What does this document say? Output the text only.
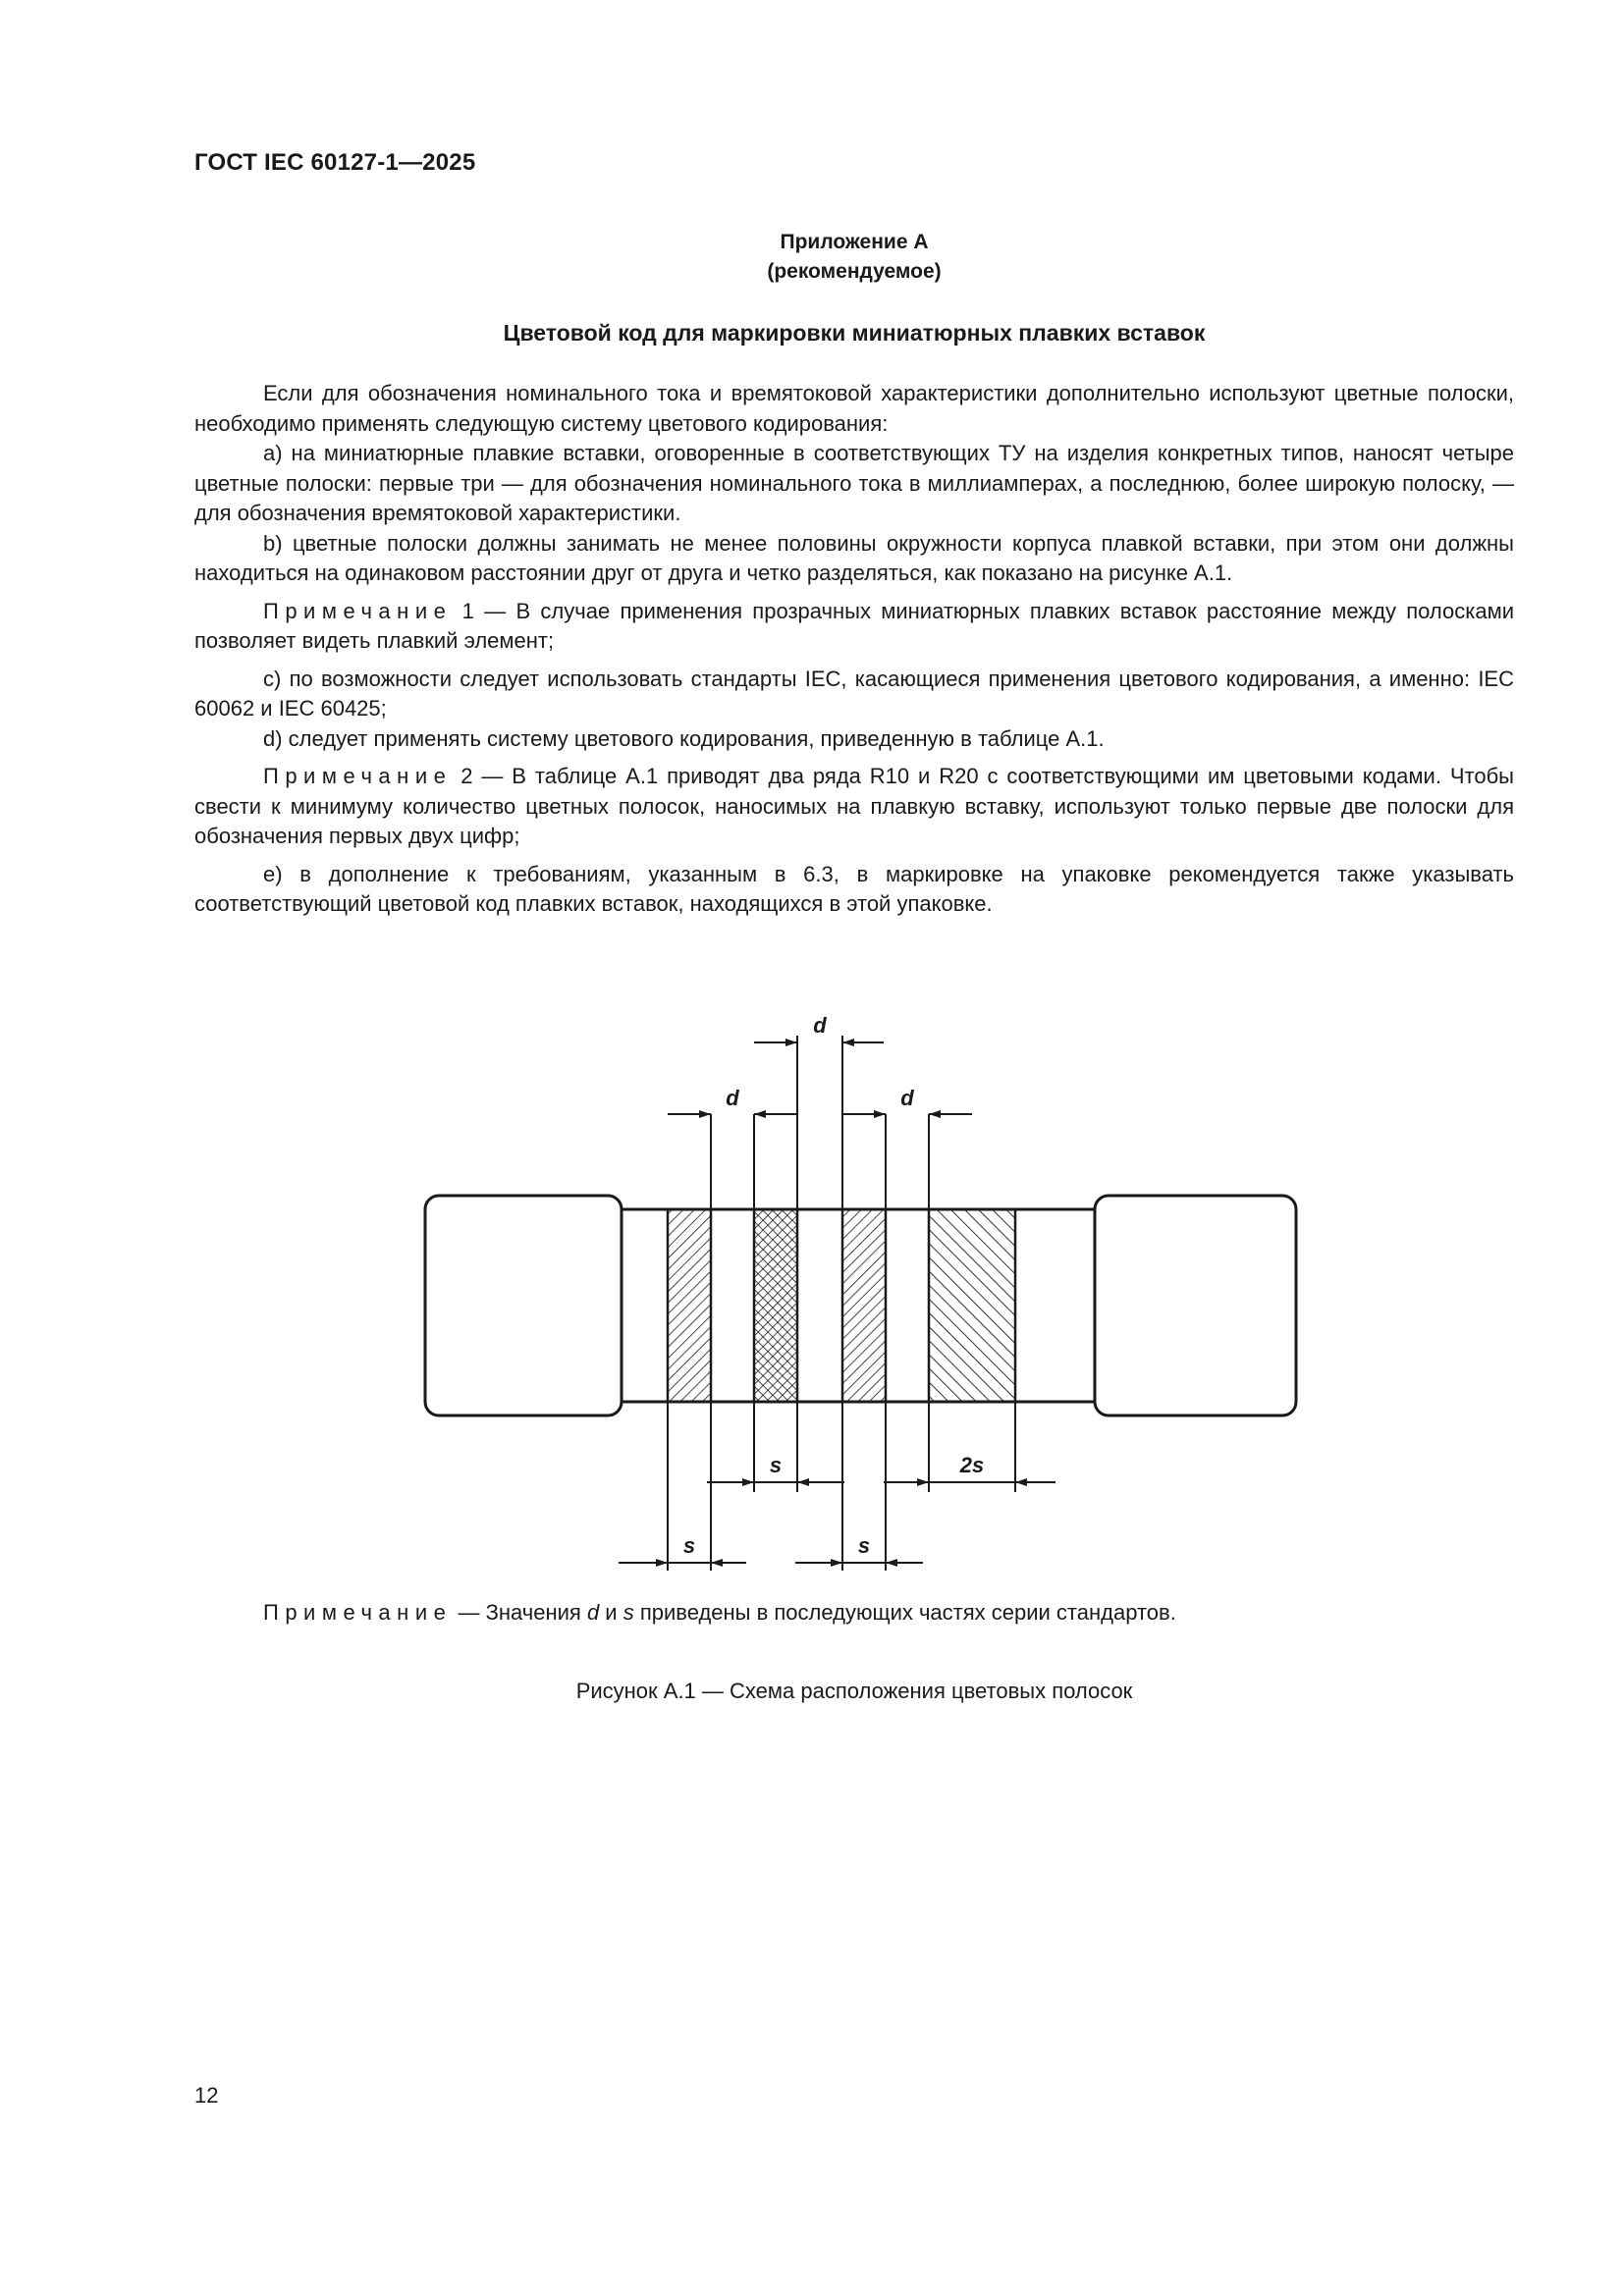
ГОСТ IEC 60127-1—2025
Приложение А
(рекомендуемое)
Цветовой код для маркировки миниатюрных плавких вставок

Если для обозначения номинального тока и времятоковой характеристики дополнительно используют цветные полоски, необходимо применять следующую систему цветового кодирования:

a) на миниатюрные плавкие вставки, оговоренные в соответствующих ТУ на изделия конкретных типов, наносят четыре цветные полоски: первые три — для обозначения номинального тока в миллиамперах, а последнюю, более широкую полоску, — для обозначения времятоковой характеристики.

b) цветные полоски должны занимать не менее половины окружности корпуса плавкой вставки, при этом они должны находиться на одинаковом расстоянии друг от друга и четко разделяться, как показано на рисунке А.1.

Примечание 1 — В случае применения прозрачных миниатюрных плавких вставок расстояние между полосками позволяет видеть плавкий элемент;

c) по возможности следует использовать стандарты IEC, касающиеся применения цветового кодирования, а именно: IEC 60062 и IEC 60425;

d) следует применять систему цветового кодирования, приведенную в таблице А.1.

Примечание 2 — В таблице А.1 приводят два ряда R10 и R20 с соответствующими им цветовыми кодами. Чтобы свести к минимуму количество цветных полосок, наносимых на плавкую вставку, используют только первые две полоски для обозначения первых двух цифр;

e) в дополнение к требованиям, указанным в 6.3, в маркировке на упаковке рекомендуется также указывать соответствующий цветовой код плавких вставок, находящихся в этой упаковке.

d
d	d
s	2s
s	s
Примечание — Значения d и s приведены в последующих частях серии стандартов.
Рисунок А.1 — Схема расположения цветовых полосок
12
